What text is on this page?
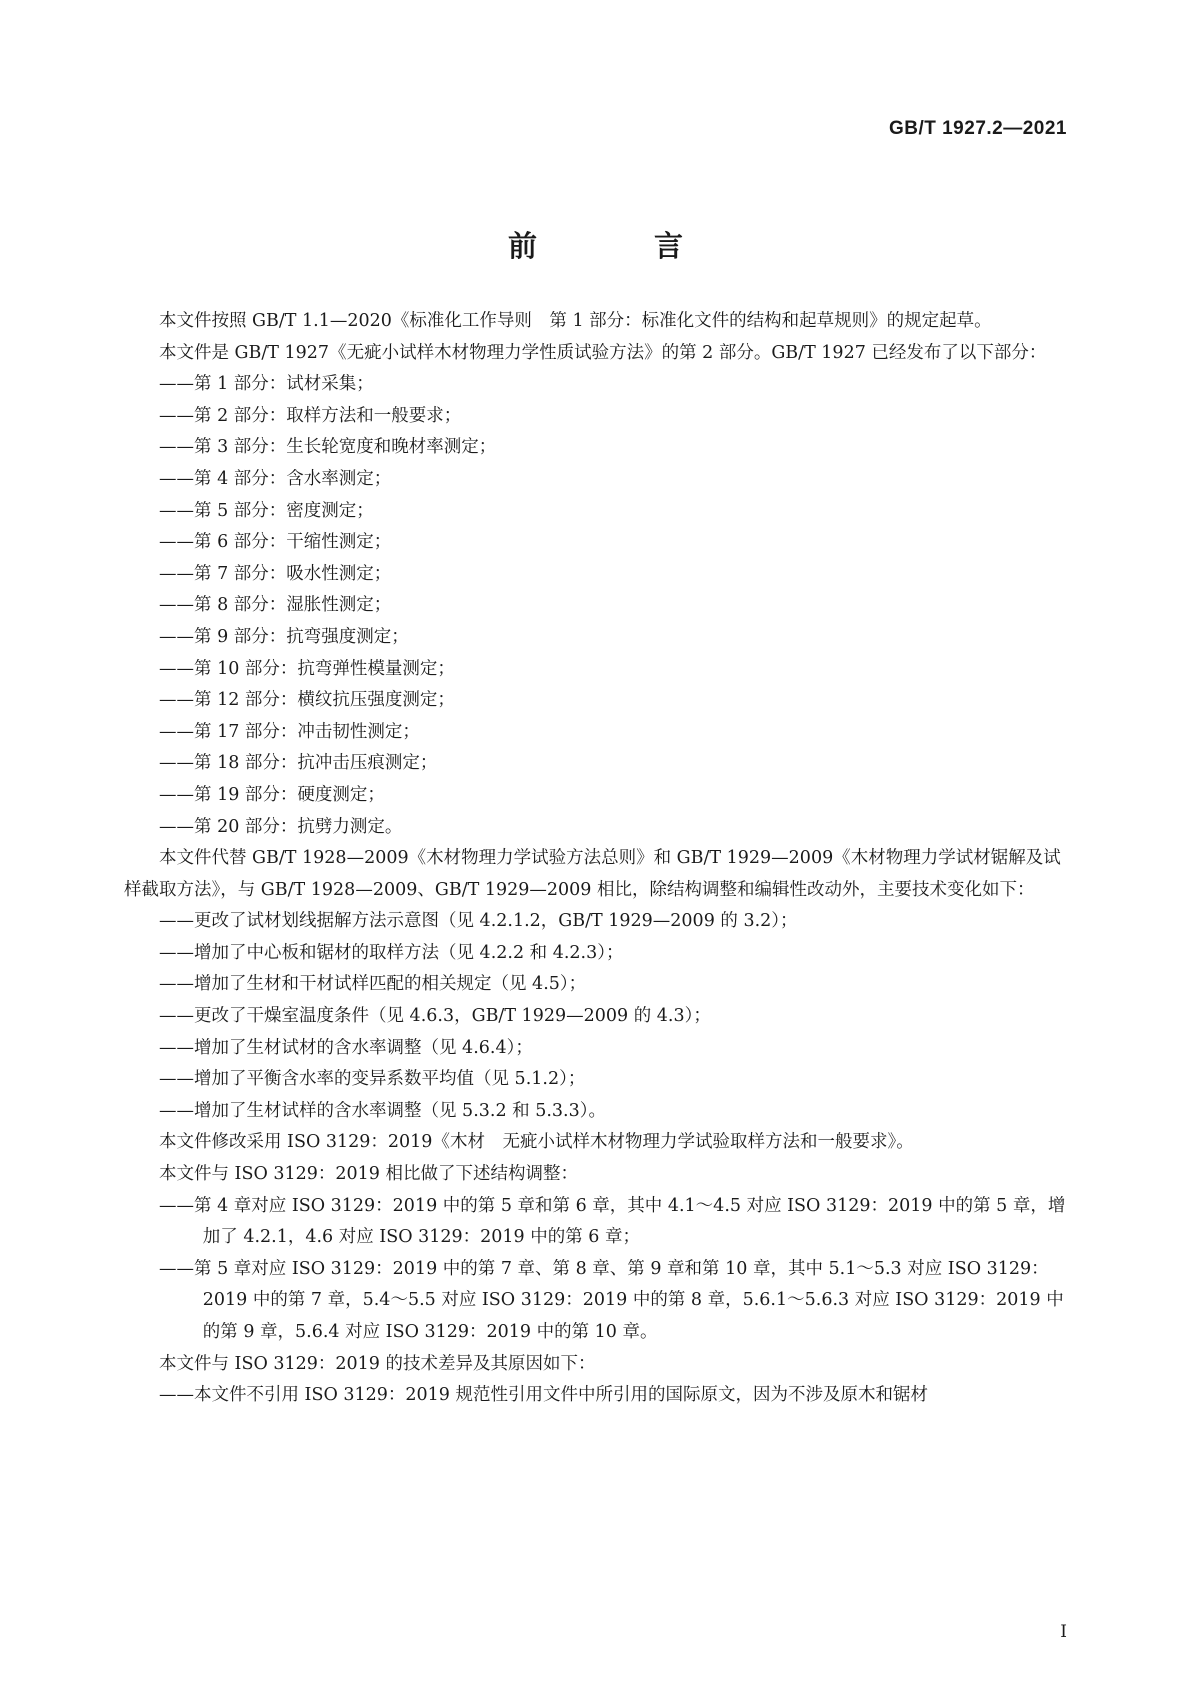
GB/T 1927.2—2021
前　言

本文件按照 GB/T 1.1—2020《标准化工作导则　第 1 部分：标准化文件的结构和起草规则》的规定起草。

本文件是 GB/T 1927《无疵小试样木材物理力学性质试验方法》的第 2 部分。GB/T 1927 已经发布了以下部分：

——第 1 部分：试材采集；

——第 2 部分：取样方法和一般要求；

——第 3 部分：生长轮宽度和晚材率测定；

——第 4 部分：含水率测定；

——第 5 部分：密度测定；

——第 6 部分：干缩性测定；

——第 7 部分：吸水性测定；

——第 8 部分：湿胀性测定；

——第 9 部分：抗弯强度测定；

——第 10 部分：抗弯弹性模量测定；

——第 12 部分：横纹抗压强度测定；

——第 17 部分：冲击韧性测定；

——第 18 部分：抗冲击压痕测定；

——第 19 部分：硬度测定；

——第 20 部分：抗劈力测定。

本文件代替 GB/T 1928—2009《木材物理力学试验方法总则》和 GB/T 1929—2009《木材物理力学试材锯解及试样截取方法》，与 GB/T 1928—2009、GB/T 1929—2009 相比，除结构调整和编辑性改动外，主要技术变化如下：

——更改了试材划线据解方法示意图（见 4.2.1.2，GB/T 1929—2009 的 3.2）；

——增加了中心板和锯材的取样方法（见 4.2.2 和 4.2.3）；

——增加了生材和干材试样匹配的相关规定（见 4.5）；

——更改了干燥室温度条件（见 4.6.3，GB/T 1929—2009 的 4.3）；

——增加了生材试材的含水率调整（见 4.6.4）；

——增加了平衡含水率的变异系数平均值（见 5.1.2）；

——增加了生材试样的含水率调整（见 5.3.2 和 5.3.3）。

本文件修改采用 ISO 3129：2019《木材　无疵小试样木材物理力学试验取样方法和一般要求》。

本文件与 ISO 3129：2019 相比做了下述结构调整：

——第 4 章对应 ISO 3129：2019 中的第 5 章和第 6 章，其中 4.1～4.5 对应 ISO 3129：2019 中的第 5 章，增加了 4.2.1，4.6 对应 ISO 3129：2019 中的第 6 章；

——第 5 章对应 ISO 3129：2019 中的第 7 章、第 8 章、第 9 章和第 10 章，其中 5.1～5.3 对应 ISO 3129：2019 中的第 7 章，5.4～5.5 对应 ISO 3129：2019 中的第 8 章，5.6.1～5.6.3 对应 ISO 3129：2019 中的第 9 章，5.6.4 对应 ISO 3129：2019 中的第 10 章。

本文件与 ISO 3129：2019 的技术差异及其原因如下：

——本文件不引用 ISO 3129：2019 规范性引用文件中所引用的国际原文，因为不涉及原木和锯材

I
